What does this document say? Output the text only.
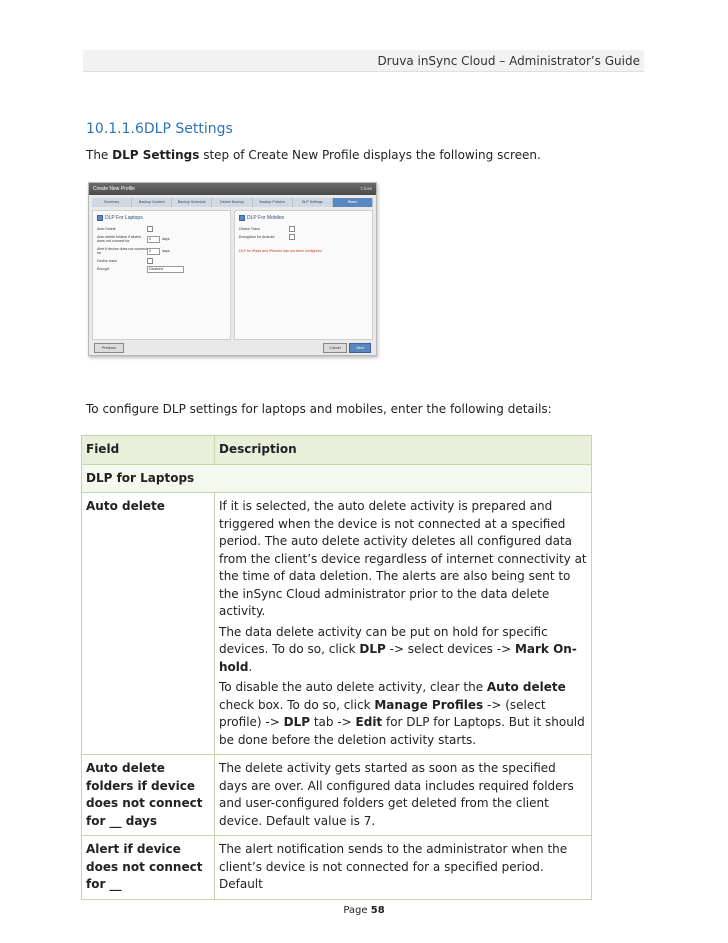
Druva inSync Cloud – Administrator’s Guide
10.1.1.6DLP Settings
The DLP Settings step of Create New Profile displays the following screen.
Create New Profile	Close
Summary	Backup Content	Backup Schedule	Device Backup	Backup Policies	DLP Settings	Share
DLP For Laptops
Auto Delete
Auto delete folders if device does not connect for
0	days
Alert if device does not connect for
0	days
Device trace
Encrypt	Disabled
DLP For Mobiles
Device Trace
Encryption for Android
DLP for iPads and iPhones has not been configured
Previous	Cancel	Next
To configure DLP settings for laptops and mobiles, enter the following details:
Field	Description
DLP for Laptops	
Auto delete	If it is selected, the auto delete activity is prepared and triggered when the device is not connected at a specified period. The auto delete activity deletes all configured data from the client’s device regardless of internet connectivity at the time of data deletion. The alerts are also being sent to the inSync Cloud administrator prior to the data delete activity.

The data delete activity can be put on hold for specific devices. To do so, click DLP -> select devices -> Mark On-hold.

To disable the auto delete activity, clear the Auto delete check box. To do so, click Manage Profiles -> (select profile) -> DLP tab -> Edit for DLP for Laptops. But it should be done before the deletion activity starts.

Auto delete folders if device does not connect for __ days	The delete activity gets started as soon as the specified days are over. All configured data includes required folders and user-configured folders get deleted from the client device. Default value is 7.
Alert if device does not connect for __	The alert notification sends to the administrator when the client’s device is not connected for a specified period. Default
Page 58
